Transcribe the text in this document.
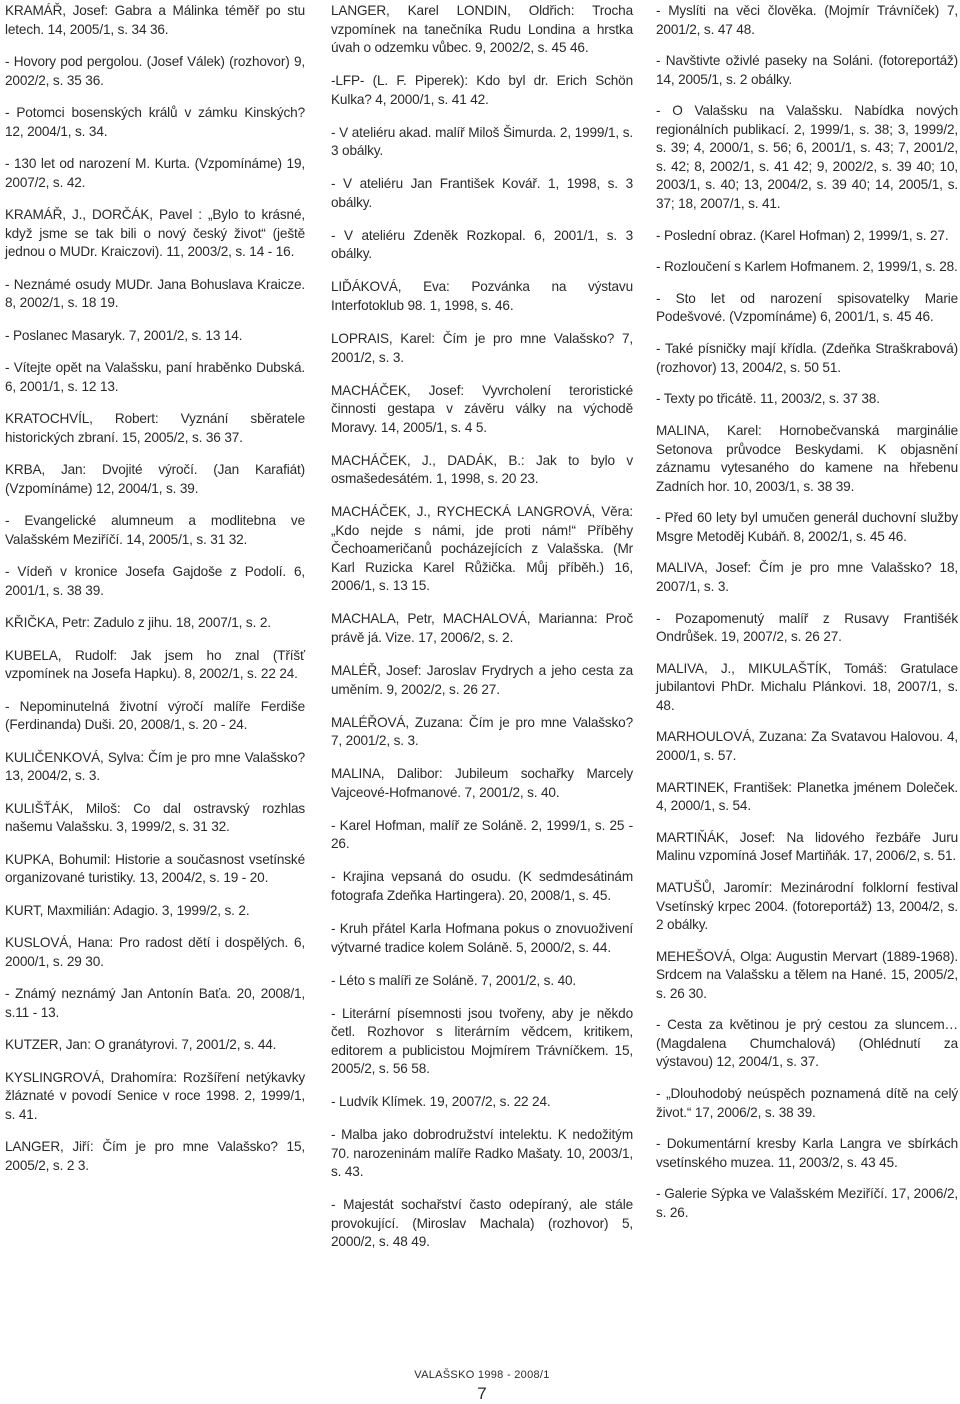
KRAMÁŘ, Josef: Gabra a Málinka téměř po stu letech. 14, 2005/1, s. 34 36.
- Hovory pod pergolou. (Josef Válek) (rozhovor) 9, 2002/2, s. 35 36.
- Potomci bosenských králů v zámku Kinských? 12, 2004/1, s. 34.
- 130 let od narození M. Kurta. (Vzpomínáme) 19, 2007/2, s. 42.
KRAMÁŘ, J., DORČÁK, Pavel : „Bylo to krásné, když jsme se tak bili o nový český život“ (ještě jednou o MUDr. Kraiczovi). 11, 2003/2, s. 14 - 16.
- Neznámé osudy MUDr. Jana Bohuslava Kraicze. 8, 2002/1, s. 18 19.
- Poslanec Masaryk. 7, 2001/2, s. 13 14.
- Vítejte opět na Valašsku, paní hraběnko Dubská. 6, 2001/1, s. 12 13.
KRATOCHVÍL, Robert: Vyznání sběratele historických zbraní. 15, 2005/2, s. 36 37.
KRBA, Jan: Dvojité výročí. (Jan Karafiát) (Vzpomínáme) 12, 2004/1, s. 39.
- Evangelické alumneum a modlitebna ve Valašském Meziříčí. 14, 2005/1, s. 31 32.
- Vídeň v kronice Josefa Gajdoše z Podolí. 6, 2001/1, s. 38 39.
KŘIČKA, Petr: Zadulo z jihu. 18, 2007/1, s. 2.
KUBELA, Rudolf: Jak jsem ho znal (Tříšť vzpomínek na Josefa Hapku). 8, 2002/1, s. 22 24.
- Nepominutelná životní výročí malíře Ferdiše (Ferdinanda) Duši. 20, 2008/1, s. 20 - 24.
KULIČENKOVÁ, Sylva: Čím je pro mne Valašsko? 13, 2004/2, s. 3.
KULIŠŤÁK, Miloš: Co dal ostravský rozhlas našemu Valašsku. 3, 1999/2, s. 31 32.
KUPKA, Bohumil: Historie a současnost vsetínské organizované turistiky. 13, 2004/2, s. 19 - 20.
KURT, Maxmilián: Adagio. 3, 1999/2, s. 2.
KUSLOVÁ, Hana: Pro radost dětí i dospělých. 6, 2000/1, s. 29 30.
- Známý neznámý Jan Antonín Baťa. 20, 2008/1, s.11 - 13.
KUTZER, Jan: O granátyrovi. 7, 2001/2, s. 44.
KYSLINGROVÁ, Drahomíra: Rozšíření netýkavky žláznaté v povodí Senice v roce 1998. 2, 1999/1, s. 41.
LANGER, Jiří: Čím je pro mne Valašsko? 15, 2005/2, s. 2 3.
LANGER, Karel LONDIN, Oldřich: Trocha vzpomínek na tanečníka Rudu Londina a hrstka úvah o odzemku vůbec. 9, 2002/2, s. 45 46.
-LFP- (L. F. Piperek): Kdo byl dr. Erich Schön Kulka? 4, 2000/1, s. 41 42.
- V ateliéru akad. malíř Miloš Šimurda. 2, 1999/1, s. 3 obálky.
- V ateliéru Jan František Kovář. 1, 1998, s. 3 obálky.
- V ateliéru Zdeněk Rozkopal. 6, 2001/1, s. 3 obálky.
LIĎÁKOVÁ, Eva: Pozvánka na výstavu Interfotoklub 98. 1, 1998, s. 46.
LOPRAIS, Karel: Čím je pro mne Valašsko? 7, 2001/2, s. 3.
MACHÁČEK, Josef: Vyvrcholení teroristické činnosti gestapa v závěru války na východě Moravy. 14, 2005/1, s. 4 5.
MACHÁČEK, J., DADÁK, B.: Jak to bylo v osmašedesátém. 1, 1998, s. 20 23.
MACHÁČEK, J., RYCHECKÁ LANGROVÁ, Věra: „Kdo nejde s námi, jde proti nám!“ Příběhy Čechoameričanů pocházejících z Valašska. (Mr Karl Ruzicka Karel Růžička. Můj příběh.) 16, 2006/1, s. 13 15.
MACHALA, Petr, MACHALOVÁ, Marianna: Proč právě já. Vize. 17, 2006/2, s. 2.
MALÉŘ, Josef: Jaroslav Frydrych a jeho cesta za uměním. 9, 2002/2, s. 26 27.
MALÉŘOVÁ, Zuzana: Čím je pro mne Valašsko? 7, 2001/2, s. 3.
MALINA, Dalibor: Jubileum sochařky Marcely Vajceové-Hofmanové. 7, 2001/2, s. 40.
- Karel Hofman, malíř ze Soláně. 2, 1999/1, s. 25 - 26.
- Krajina vepsaná do osudu. (K sedmdesátinám fotografa Zdeňka Hartingera). 20, 2008/1, s. 45.
- Kruh přátel Karla Hofmana pokus o znovuoživení výtvarné tradice kolem Soláně. 5, 2000/2, s. 44.
- Léto s malíři ze Soláně. 7, 2001/2, s. 40.
- Literární písemnosti jsou tvořeny, aby je někdo četl. Rozhovor s literárním vědcem, kritikem, editorem a publicistou Mojmírem Trávníčkem. 15, 2005/2, s. 56 58.
- Ludvík Klímek. 19, 2007/2, s. 22 24.
- Malba jako dobrodružství intelektu. K nedožitým 70. narozeninám malíře Radko Mašaty. 10, 2003/1, s. 43.
- Majestát sochařství často odepíraný, ale stále provokující. (Miroslav Machala) (rozhovor) 5, 2000/2, s. 48 49.
- Myslíti na věci člověka. (Mojmír Trávníček) 7, 2001/2, s. 47 48.
- Navštivte oživlé paseky na Soláni. (fotoreportáž) 14, 2005/1, s. 2 obálky.
- O Valašsku na Valašsku. Nabídka nových regionálních publikací. 2, 1999/1, s. 38; 3, 1999/2, s. 39; 4, 2000/1, s. 56; 6, 2001/1, s. 43; 7, 2001/2, s. 42; 8, 2002/1, s. 41 42; 9, 2002/2, s. 39 40; 10, 2003/1, s. 40; 13, 2004/2, s. 39 40; 14, 2005/1, s. 37; 18, 2007/1, s. 41.
- Poslední obraz. (Karel Hofman) 2, 1999/1, s. 27.
- Rozloučení s Karlem Hofmanem. 2, 1999/1, s. 28.
- Sto let od narození spisovatelky Marie Podešvové. (Vzpomínáme) 6, 2001/1, s. 45 46.
- Také písničky mají křídla. (Zdeňka Straškrabová) (rozhovor) 13, 2004/2, s. 50 51.
- Texty po třicátě. 11, 2003/2, s. 37 38.
MALINA, Karel: Hornobečvanská marginálie Setonova průvodce Beskydami. K objasnění záznamu vytesaného do kamene na hřebenu Zadních hor. 10, 2003/1, s. 38 39.
- Před 60 lety byl umučen generál duchovní služby Msgre Metoděj Kubáň. 8, 2002/1, s. 45 46.
MALIVA, Josef: Čím je pro mne Valašsko? 18, 2007/1, s. 3.
- Pozapomenutý malíř z Rusavy Františék Ondrůšek. 19, 2007/2, s. 26 27.
MALIVA, J., MIKULAŠTÍK, Tomáš: Gratulace jubilantovi PhDr. Michalu Plánkovi. 18, 2007/1, s. 48.
MARHOULOVÁ, Zuzana: Za Svatavou Halovou. 4, 2000/1, s. 57.
MARTINEK, František: Planetka jménem Doleček. 4, 2000/1, s. 54.
MARTIŇÁK, Josef: Na lidového řezbáře Juru Malinu vzpomíná Josef Martiňák. 17, 2006/2, s. 51.
MATUŠŮ, Jaromír: Mezinárodní folklorní festival Vsetínský krpec 2004. (fotoreportáž) 13, 2004/2, s. 2 obálky.
MEHEŠOVÁ, Olga: Augustin Mervart (1889-1968). Srdcem na Valašsku a tělem na Hané. 15, 2005/2, s. 26 30.
- Cesta za květinou je prý cestou za sluncem…(Magdalena Chumchalová) (Ohlédnutí za výstavou) 12, 2004/1, s. 37.
- „Dlouhodobý neúspěch poznamená dítě na celý život.“ 17, 2006/2, s. 38 39.
- Dokumentární kresby Karla Langra ve sbírkách vsetínského muzea. 11, 2003/2, s. 43 45.
- Galerie Sýpka ve Valašském Meziříčí. 17, 2006/2, s. 26.
VALAŠSKO 1998 - 2008/1
7
